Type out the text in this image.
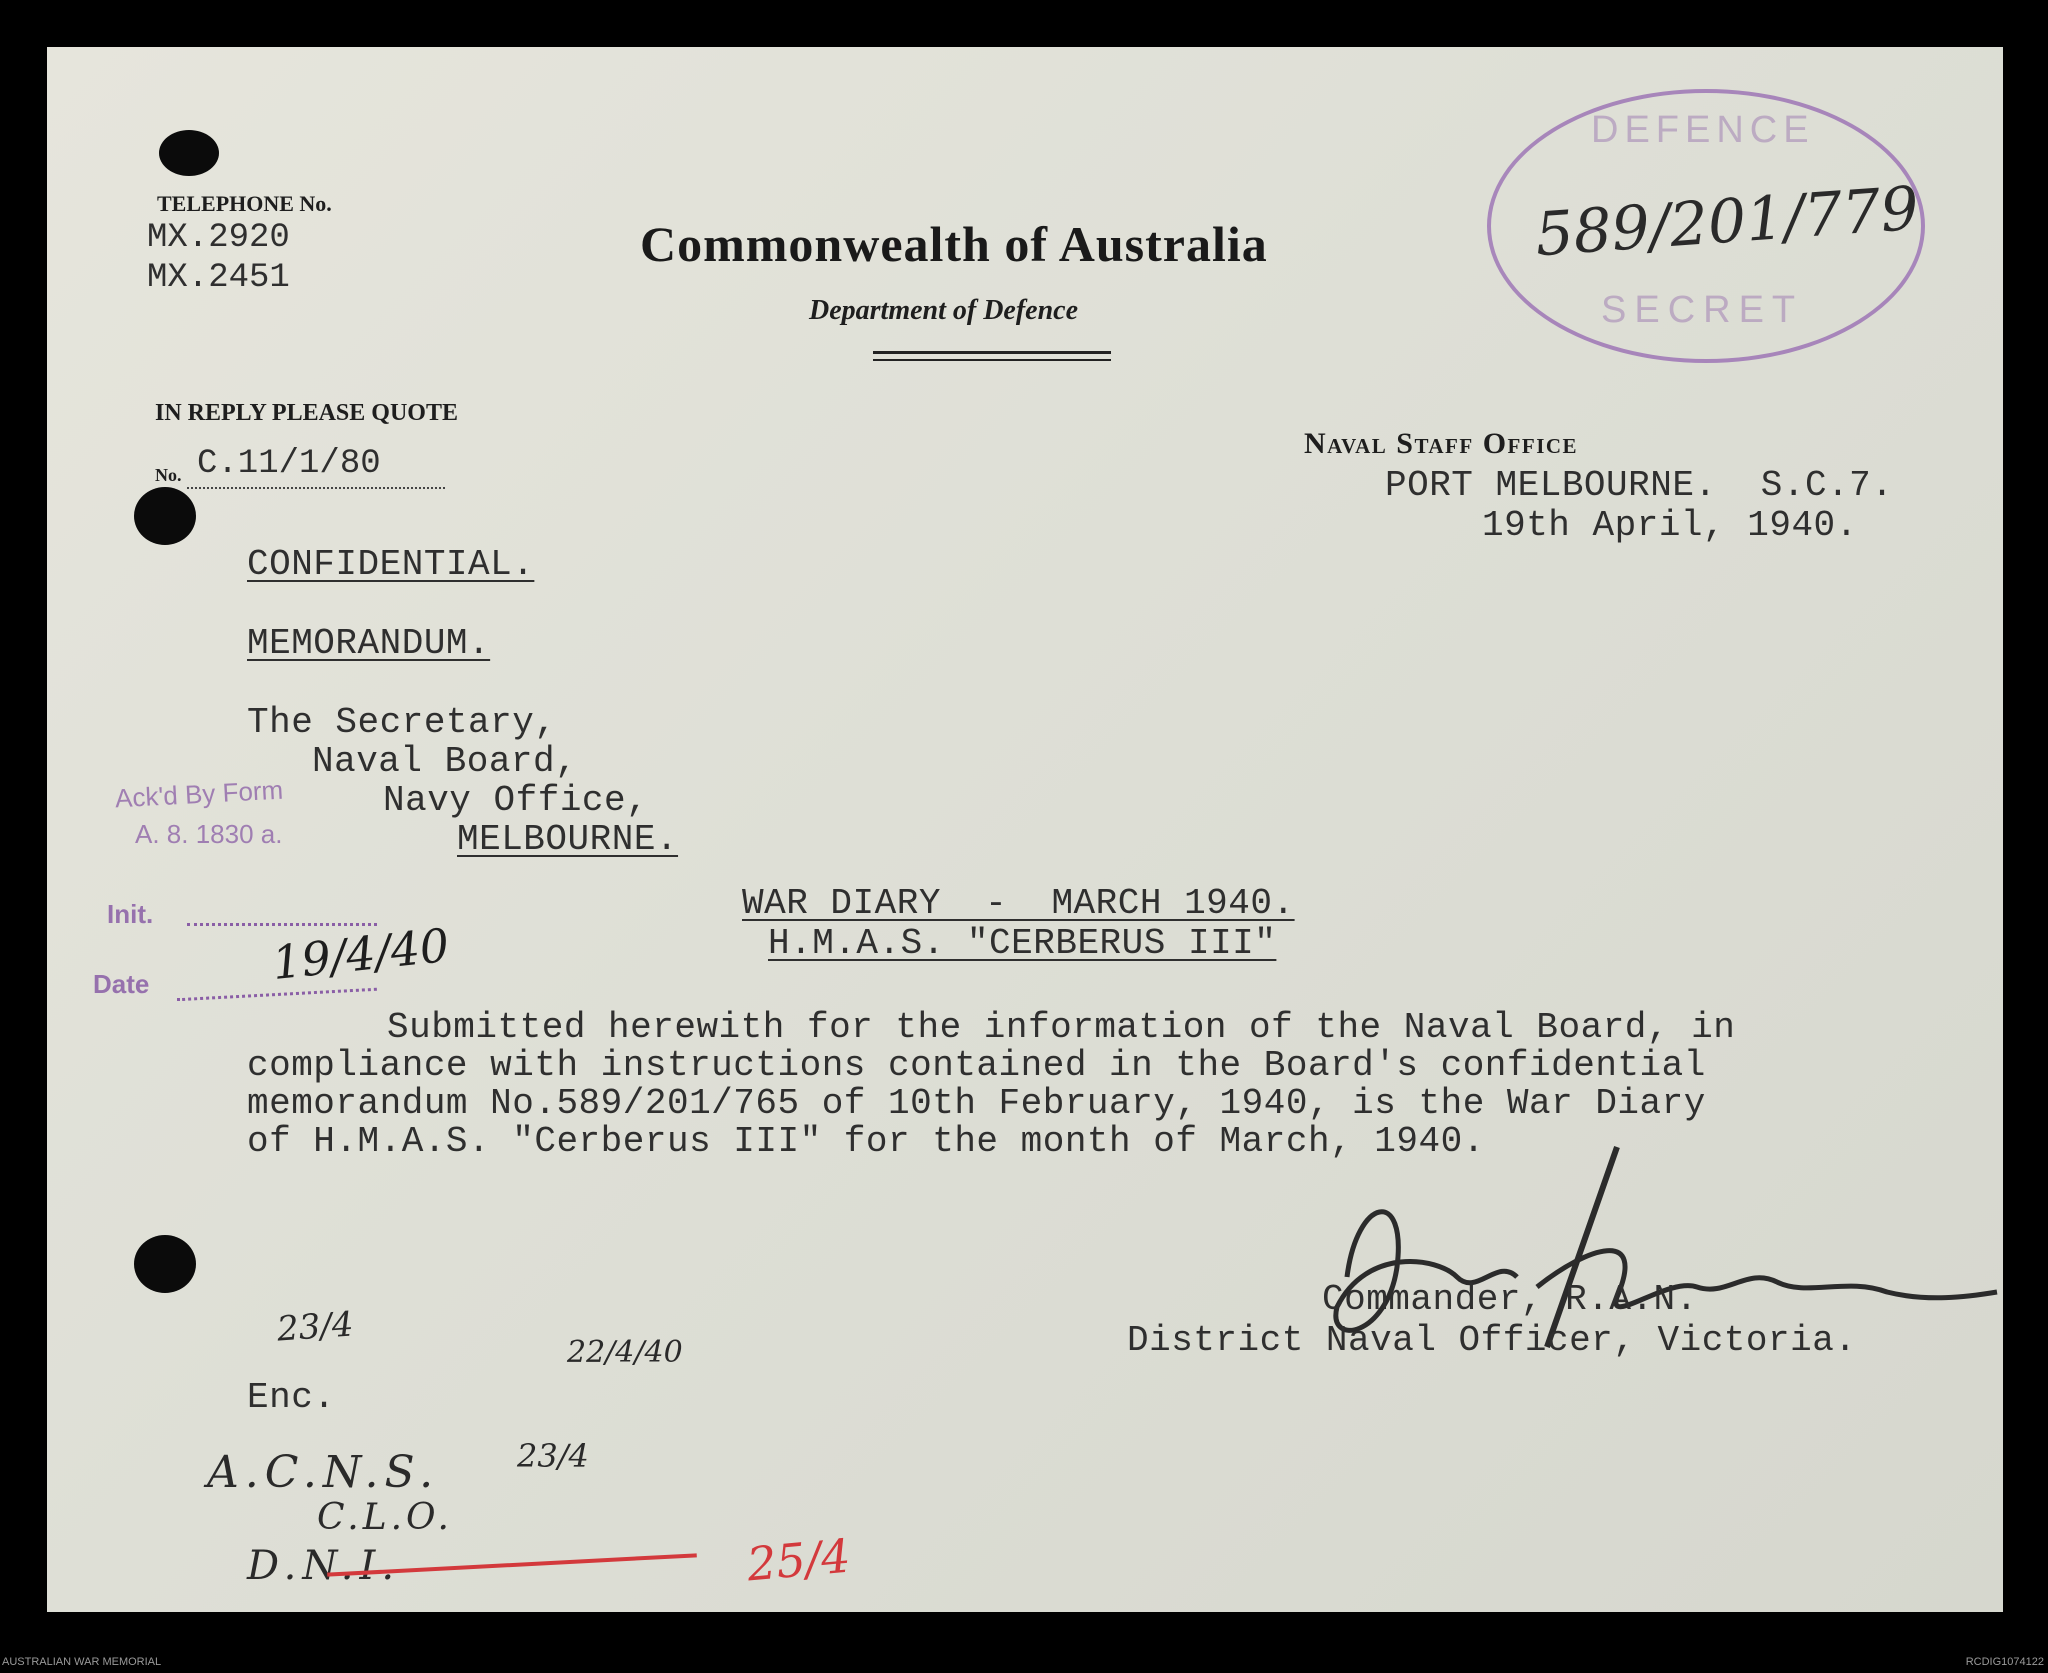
TELEPHONE No.
MX.2920
MX.2451
Commonwealth of Australia
Department of Defence
IN REPLY PLEASE QUOTE
No. C.11/1/80
Naval Staff Office
PORT MELBOURNE.  S.C.7.
19th April, 1940.
DEFENCE
SECRET
589/201/779
CONFIDENTIAL.
MEMORANDUM.
The Secretary,
Naval Board,
Navy Office,
MELBOURNE.
Ack'd By Form
A. 8. 1830 a.
Init.
Date	19/4/40
WAR DIARY  -  MARCH 1940.
H.M.A.S. "CERBERUS III"
Submitted herewith for the information of the Naval Board, in
compliance with instructions contained in the Board's confidential
memorandum No.589/201/765 of 10th February, 1940, is the War Diary
of H.M.A.S. "Cerberus III" for the month of March, 1940.
Commander, R.A.N.
District Naval Officer, Victoria.
Enc.
23/4
22/4/40
A.C.N.S. 23/4
C.L.O.
D.N.I.	25/4
AUSTRALIAN WAR MEMORIAL	RCDIG1074122
